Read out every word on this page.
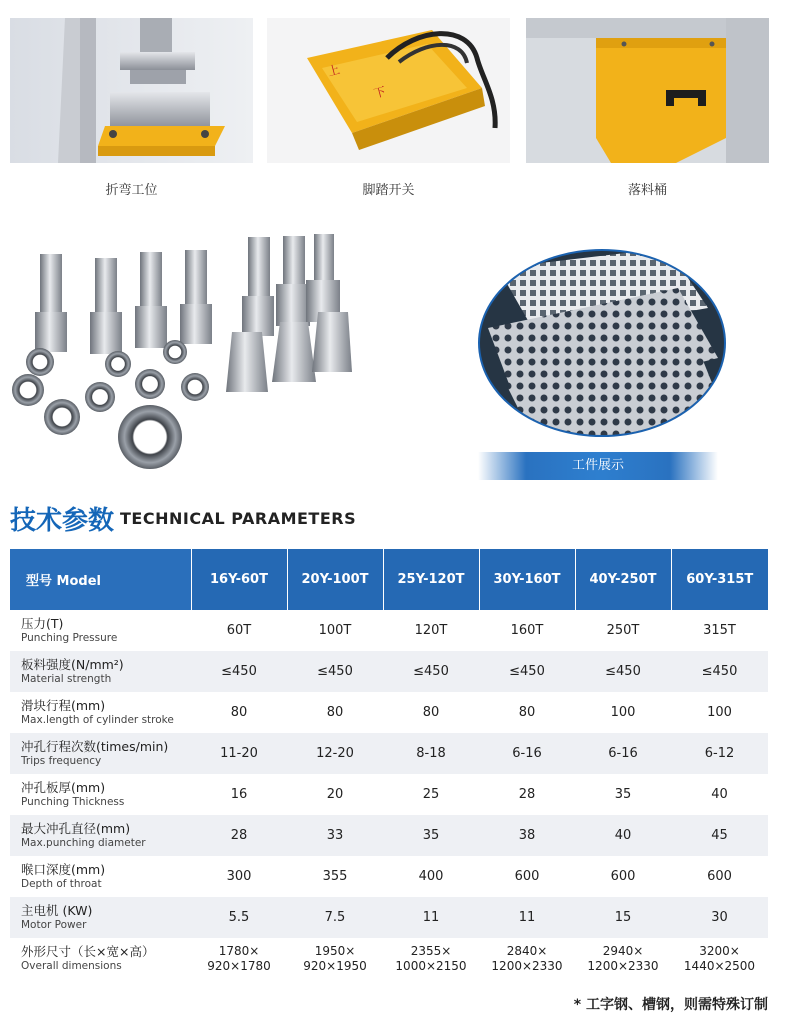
折弯工位
上
下
脚踏开关	落料桶
工件展示
技术参数 TECHNICAL PARAMETERS
型号 Model	16Y-60T	20Y-100T	25Y-120T	30Y-160T	40Y-250T	60Y-315T

压力(T)
Punching Pressure	60T	100T	120T	160T	250T	315T

板料强度(N/mm²)
Material strength	≤450	≤450	≤450	≤450	≤450	≤450

滑块行程(mm)
Max.length of cylinder stroke	80	80	80	80	100	100

冲孔行程次数(times/min)
Trips frequency	11-20	12-20	8-18	6-16	6-16	6-12

冲孔板厚(mm)
Punching Thickness	16	20	25	28	35	40

最大冲孔直径(mm)
Max.punching diameter	28	33	35	38	40	45

喉口深度(mm)
Depth of throat	300	355	400	600	600	600

主电机 (KW)
Motor Power	5.5	7.5	11	11	15	30

外形尺寸（长×宽×高）
Overall dimensions	1780×
920×1780	1950×
920×1950	2355×
1000×2150	2840×
1200×2330	2940×
1200×2330	3200×
1440×2500
* 工字钢、槽钢，则需特殊订制
